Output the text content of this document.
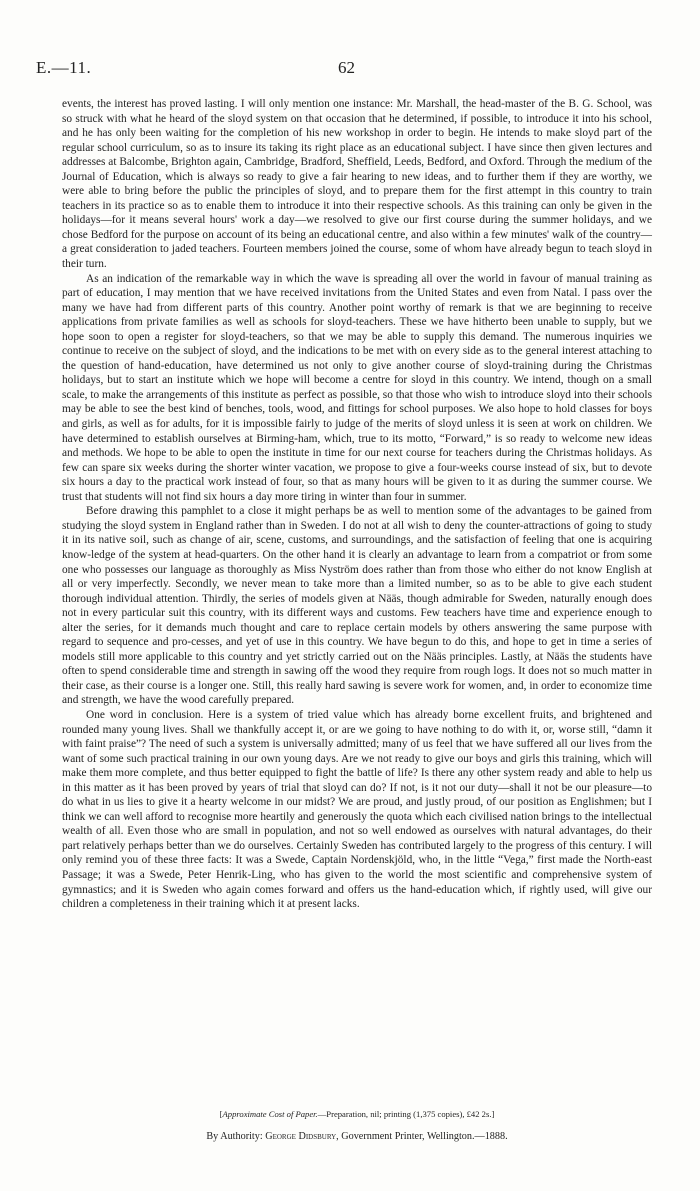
E.—11.	62

events, the interest has proved lasting. I will only mention one instance: Mr. Marshall, the head-master of the B. G. School, was so struck with what he heard of the sloyd system on that occasion that he determined, if possible, to introduce it into his school, and he has only been waiting for the completion of his new workshop in order to begin. He intends to make sloyd part of the regular school curriculum, so as to insure its taking its right place as an educational subject. I have since then given lectures and addresses at Balcombe, Brighton again, Cambridge, Bradford, Sheffield, Leeds, Bedford, and Oxford. Through the medium of the Journal of Education, which is always so ready to give a fair hearing to new ideas, and to further them if they are worthy, we were able to bring before the public the principles of sloyd, and to prepare them for the first attempt in this country to train teachers in its practice so as to enable them to introduce it into their respective schools. As this training can only be given in the holidays—for it means several hours' work a day—we resolved to give our first course during the summer holidays, and we chose Bedford for the purpose on account of its being an educational centre, and also within a few minutes' walk of the country—a great consideration to jaded teachers. Fourteen members joined the course, some of whom have already begun to teach sloyd in their turn.

As an indication of the remarkable way in which the wave is spreading all over the world in favour of manual training as part of education, I may mention that we have received invitations from the United States and even from Natal. I pass over the many we have had from different parts of this country. Another point worthy of remark is that we are beginning to receive applications from private families as well as schools for sloyd-teachers. These we have hitherto been unable to supply, but we hope soon to open a register for sloyd-teachers, so that we may be able to supply this demand. The numerous inquiries we continue to receive on the subject of sloyd, and the indications to be met with on every side as to the general interest attaching to the question of hand-education, have determined us not only to give another course of sloyd-training during the Christmas holidays, but to start an institute which we hope will become a centre for sloyd in this country. We intend, though on a small scale, to make the arrangements of this institute as perfect as possible, so that those who wish to introduce sloyd into their schools may be able to see the best kind of benches, tools, wood, and fittings for school purposes. We also hope to hold classes for boys and girls, as well as for adults, for it is impossible fairly to judge of the merits of sloyd unless it is seen at work on children. We have determined to establish ourselves at Birming-ham, which, true to its motto, “Forward,” is so ready to welcome new ideas and methods. We hope to be able to open the institute in time for our next course for teachers during the Christmas holidays. As few can spare six weeks during the shorter winter vacation, we propose to give a four-weeks course instead of six, but to devote six hours a day to the practical work instead of four, so that as many hours will be given to it as during the summer course. We trust that students will not find six hours a day more tiring in winter than four in summer.

Before drawing this pamphlet to a close it might perhaps be as well to mention some of the advantages to be gained from studying the sloyd system in England rather than in Sweden. I do not at all wish to deny the counter-attractions of going to study it in its native soil, such as change of air, scene, customs, and surroundings, and the satisfaction of feeling that one is acquiring know-ledge of the system at head-quarters. On the other hand it is clearly an advantage to learn from a compatriot or from some one who possesses our language as thoroughly as Miss Nyström does rather than from those who either do not know English at all or very imperfectly. Secondly, we never mean to take more than a limited number, so as to be able to give each student thorough individual attention. Thirdly, the series of models given at Nääs, though admirable for Sweden, naturally enough does not in every particular suit this country, with its different ways and customs. Few teachers have time and experience enough to alter the series, for it demands much thought and care to replace certain models by others answering the same purpose with regard to sequence and pro-cesses, and yet of use in this country. We have begun to do this, and hope to get in time a series of models still more applicable to this country and yet strictly carried out on the Nääs principles. Lastly, at Nääs the students have often to spend considerable time and strength in sawing off the wood they require from rough logs. It does not so much matter in their case, as their course is a longer one. Still, this really hard sawing is severe work for women, and, in order to economize time and strength, we have the wood carefully prepared.

One word in conclusion. Here is a system of tried value which has already borne excellent fruits, and brightened and rounded many young lives. Shall we thankfully accept it, or are we going to have nothing to do with it, or, worse still, “damn it with faint praise”? The need of such a system is universally admitted; many of us feel that we have suffered all our lives from the want of some such practical training in our own young days. Are we not ready to give our boys and girls this training, which will make them more complete, and thus better equipped to fight the battle of life? Is there any other system ready and able to help us in this matter as it has been proved by years of trial that sloyd can do? If not, is it not our duty—shall it not be our pleasure—to do what in us lies to give it a hearty welcome in our midst? We are proud, and justly proud, of our position as Englishmen; but I think we can well afford to recognise more heartily and generously the quota which each civilised nation brings to the intellectual wealth of all. Even those who are small in population, and not so well endowed as ourselves with natural advantages, do their part relatively perhaps better than we do ourselves. Certainly Sweden has contributed largely to the progress of this century. I will only remind you of these three facts: It was a Swede, Captain Nordenskjöld, who, in the little “Vega,” first made the North-east Passage; it was a Swede, Peter Henrik-Ling, who has given to the world the most scientific and comprehensive system of gymnastics; and it is Sweden who again comes forward and offers us the hand-education which, if rightly used, will give our children a completeness in their training which it at present lacks.

[Approximate Cost of Paper.—Preparation, nil; printing (1,375 copies), £42 2s.]
By Authority: George Didsbury, Government Printer, Wellington.—1888.
